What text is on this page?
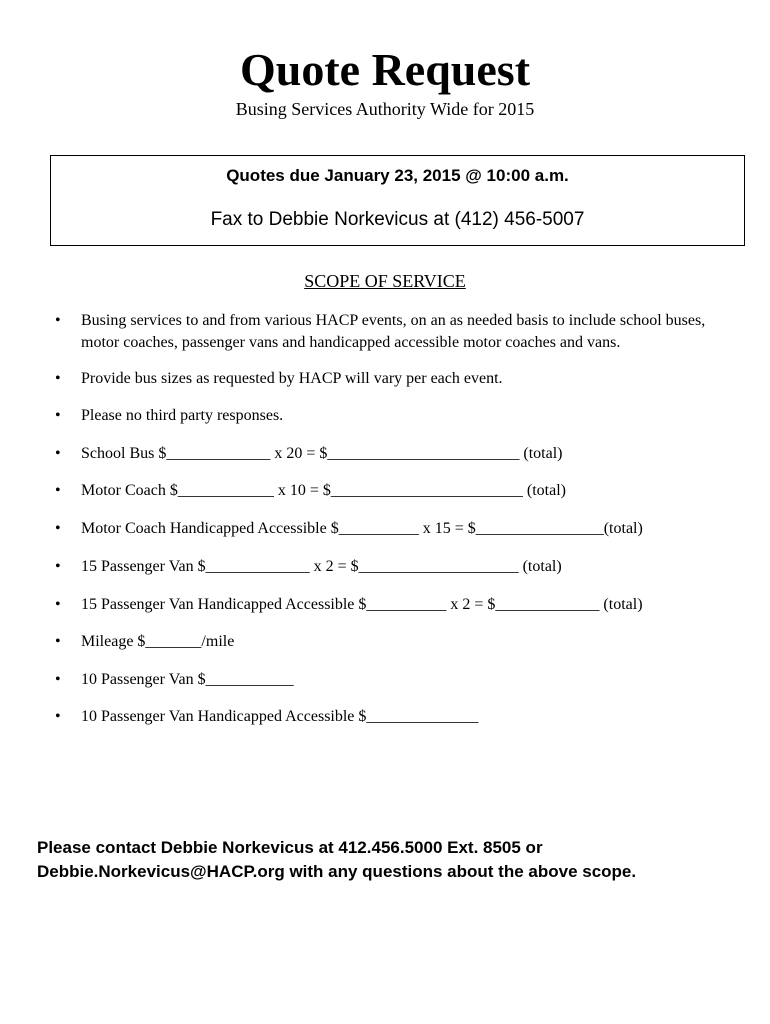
Quote Request
Busing Services Authority Wide for 2015
Quotes due January 23, 2015 @ 10:00 a.m.
Fax to Debbie Norkevicus at (412) 456-5007
SCOPE OF SERVICE
• Busing services to and from various HACP events, on an as needed basis to include school buses, motor coaches, passenger vans and handicapped accessible motor coaches and vans.
• Provide bus sizes as requested by HACP will vary per each event.
• Please no third party responses.
• School Bus $_____________ x 20 = $________________________ (total)
• Motor Coach $____________ x 10 = $________________________ (total)
• Motor Coach Handicapped Accessible $__________ x 15 = $________________(total)
• 15 Passenger Van $_____________ x 2 = $____________________ (total)
• 15 Passenger Van Handicapped Accessible $__________ x 2 = $_____________ (total)
• Mileage $_______/mile
• 10 Passenger Van $___________
• 10 Passenger Van Handicapped Accessible $______________
Please contact Debbie Norkevicus at 412.456.5000 Ext. 8505 or
Debbie.Norkevicus@HACP.org with any questions about the above scope.
